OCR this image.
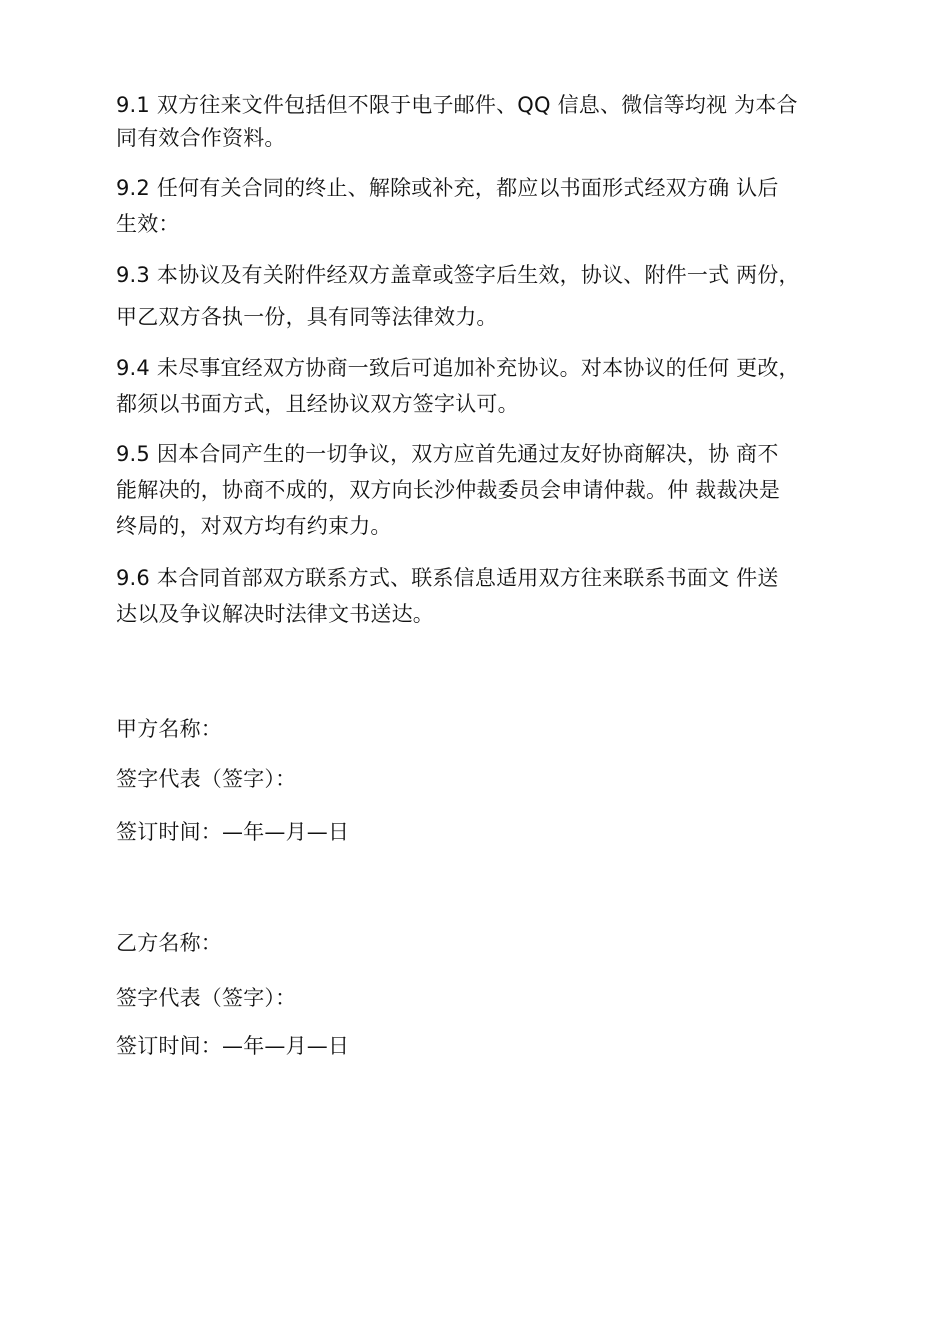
9.1 双方往来文件包括但不限于电子邮件、QQ 信息、微信等均视 为本合
同有效合作资料。
9.2 任何有关合同的终止、解除或补充，都应以书面形式经双方确 认后
生效：
9.3 本协议及有关附件经双方盖章或签字后生效，协议、附件一式 两份，
甲乙双方各执一份，具有同等法律效力。
9.4 未尽事宜经双方协商一致后可追加补充协议。对本协议的任何 更改，
都须以书面方式，且经协议双方签字认可。
9.5 因本合同产生的一切争议，双方应首先通过友好协商解决，协 商不
能解决的，协商不成的，双方向长沙仲裁委员会申请仲裁。仲 裁裁决是
终局的，对双方均有约束力。
9.6 本合同首部双方联系方式、联系信息适用双方往来联系书面文 件送
达以及争议解决时法律文书送达。
甲方名称：
签字代表（签字）：
签订时间：—年—月—日
乙方名称：
签字代表（签字）：
签订时间：—年—月—日
